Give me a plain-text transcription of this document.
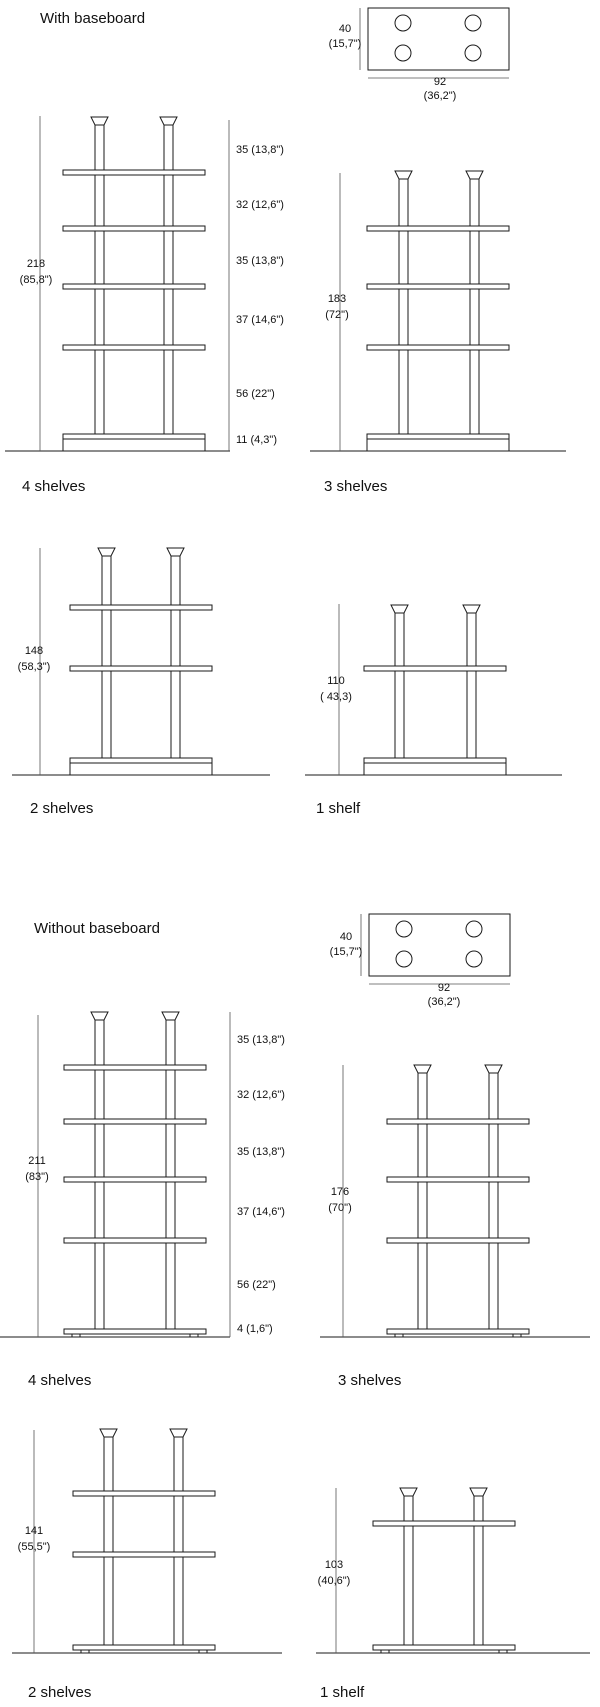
With baseboard
40
(15,7")
92
(36,2")
218
(85,8")
35 (13,8")
32 (12,6")
35 (13,8")
37 (14,6")
56 (22")
11 (4,3")
4 shelves
183
(72")
3 shelves
148
(58,3")
2 shelves
110
( 43,3)
1 shelf
Without baseboard	40
(15,7")
92
(36,2")
211
(83")
35 (13,8")
32 (12,6")
35 (13,8")
37 (14,6")
56 (22")
4 (1,6")
4 shelves
176
(70")
3 shelves
141
(55,5")
2 shelves
103
(40,6")
1 shelf
